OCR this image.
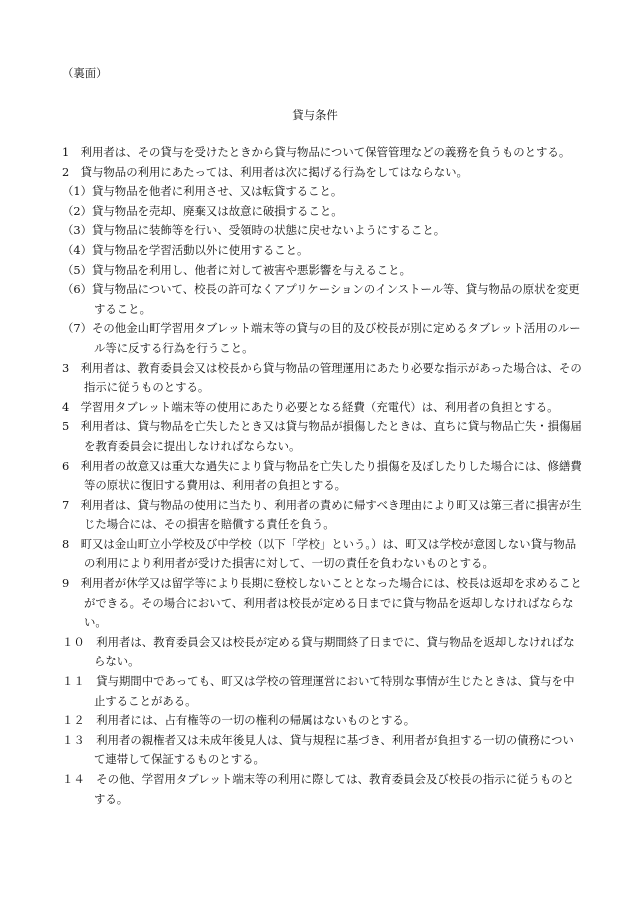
（裏面）
貸与条件

1　利用者は、その貸与を受けたときから貸与物品について保管管理などの義務を負うものとする。

2　貸与物品の利用にあたっては、利用者は次に掲げる行為をしてはならない。

（1）貸与物品を他者に利用させ、又は転貸すること。

（2）貸与物品を売却、廃棄又は故意に破損すること。

（3）貸与物品に装飾等を行い、受領時の状態に戻せないようにすること。

（4）貸与物品を学習活動以外に使用すること。

（5）貸与物品を利用し、他者に対して被害や悪影響を与えること。

（6）貸与物品について、校長の許可なくアプリケーションのインストール等、貸与物品の原状を変更すること。

（7）その他金山町学習用タブレット端末等の貸与の目的及び校長が別に定めるタブレット活用のルール等に反する行為を行うこと。

3　利用者は、教育委員会又は校長から貸与物品の管理運用にあたり必要な指示があった場合は、その指示に従うものとする。

4　学習用タブレット端末等の使用にあたり必要となる経費（充電代）は、利用者の負担とする。

5　利用者は、貸与物品を亡失したとき又は貸与物品が損傷したときは、直ちに貸与物品亡失・損傷届を教育委員会に提出しなければならない。

6　利用者の故意又は重大な過失により貸与物品を亡失したり損傷を及ぼしたりした場合には、修繕費等の原状に復旧する費用は、利用者の負担とする。

7　利用者は、貸与物品の使用に当たり、利用者の責めに帰すべき理由により町又は第三者に損害が生じた場合には、その損害を賠償する責任を負う。

8　町又は金山町立小学校及び中学校（以下「学校」という。）は、町又は学校が意図しない貸与物品の利用により利用者が受けた損害に対して、一切の責任を負わないものとする。

9　利用者が休学又は留学等により長期に登校しないこととなった場合には、校長は返却を求めることができる。その場合において、利用者は校長が定める日までに貸与物品を返却しなければならない。

１０　利用者は、教育委員会又は校長が定める貸与期間終了日までに、貸与物品を返却しなければならない。

１１　貸与期間中であっても、町又は学校の管理運営において特別な事情が生じたときは、貸与を中止することがある。

１２　利用者には、占有権等の一切の権利の帰属はないものとする。

１３　利用者の親権者又は未成年後見人は、貸与規程に基づき、利用者が負担する一切の債務について連帯して保証するものとする。

１４　その他、学習用タブレット端末等の利用に際しては、教育委員会及び校長の指示に従うものとする。
